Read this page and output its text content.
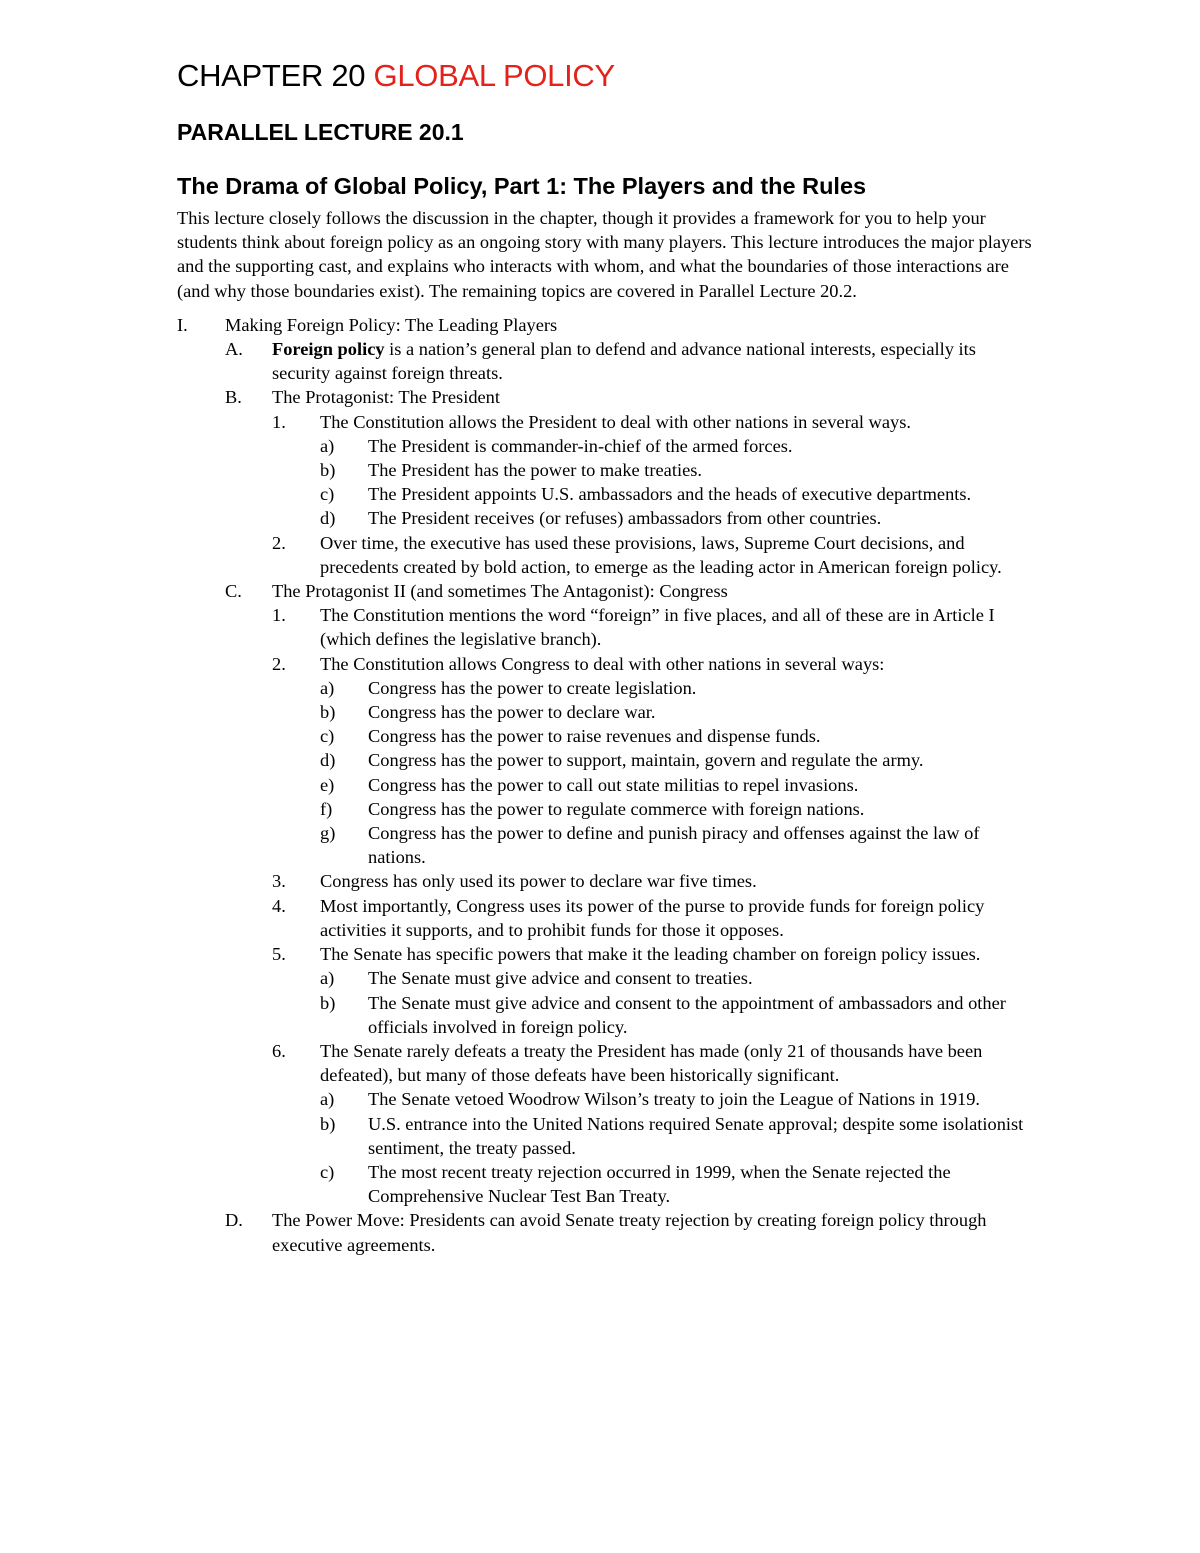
CHAPTER 20 GLOBAL POLICY
PARALLEL LECTURE 20.1
The Drama of Global Policy, Part 1: The Players and the Rules

This lecture closely follows the discussion in the chapter, though it provides a framework for you to help your students think about foreign policy as an ongoing story with many players. This lecture introduces the major players and the supporting cast, and explains who interacts with whom, and what the boundaries of those interactions are (and why those boundaries exist). The remaining topics are covered in Parallel Lecture 20.2.

I.	Making Foreign Policy: The Leading Players
A.	Foreign policy is a nation’s general plan to defend and advance national interests, especially its security against foreign threats.
B.	The Protagonist: The President
1.	The Constitution allows the President to deal with other nations in several ways.
a)	The President is commander-in-chief of the armed forces.
b)	The President has the power to make treaties.
c)	The President appoints U.S. ambassadors and the heads of executive departments.
d)	The President receives (or refuses) ambassadors from other countries.
2.	Over time, the executive has used these provisions, laws, Supreme Court decisions, and precedents created by bold action, to emerge as the leading actor in American foreign policy.
C.	The Protagonist II (and sometimes The Antagonist): Congress
1.	The Constitution mentions the word “foreign” in five places, and all of these are in Article I (which defines the legislative branch).
2.	The Constitution allows Congress to deal with other nations in several ways:
a)	Congress has the power to create legislation.
b)	Congress has the power to declare war.
c)	Congress has the power to raise revenues and dispense funds.
d)	Congress has the power to support, maintain, govern and regulate the army.
e)	Congress has the power to call out state militias to repel invasions.
f)	Congress has the power to regulate commerce with foreign nations.
g)	Congress has the power to define and punish piracy and offenses against the law of nations.
3.	Congress has only used its power to declare war five times.
4.	Most importantly, Congress uses its power of the purse to provide funds for foreign policy activities it supports, and to prohibit funds for those it opposes.
5.	The Senate has specific powers that make it the leading chamber on foreign policy issues.
a)	The Senate must give advice and consent to treaties.
b)	The Senate must give advice and consent to the appointment of ambassadors and other officials involved in foreign policy.
6.	The Senate rarely defeats a treaty the President has made (only 21 of thousands have been defeated), but many of those defeats have been historically significant.
a)	The Senate vetoed Woodrow Wilson’s treaty to join the League of Nations in 1919.
b)	U.S. entrance into the United Nations required Senate approval; despite some isolationist sentiment, the treaty passed.
c)	The most recent treaty rejection occurred in 1999, when the Senate rejected the Comprehensive Nuclear Test Ban Treaty.
D.	The Power Move: Presidents can avoid Senate treaty rejection by creating foreign policy through executive agreements.
